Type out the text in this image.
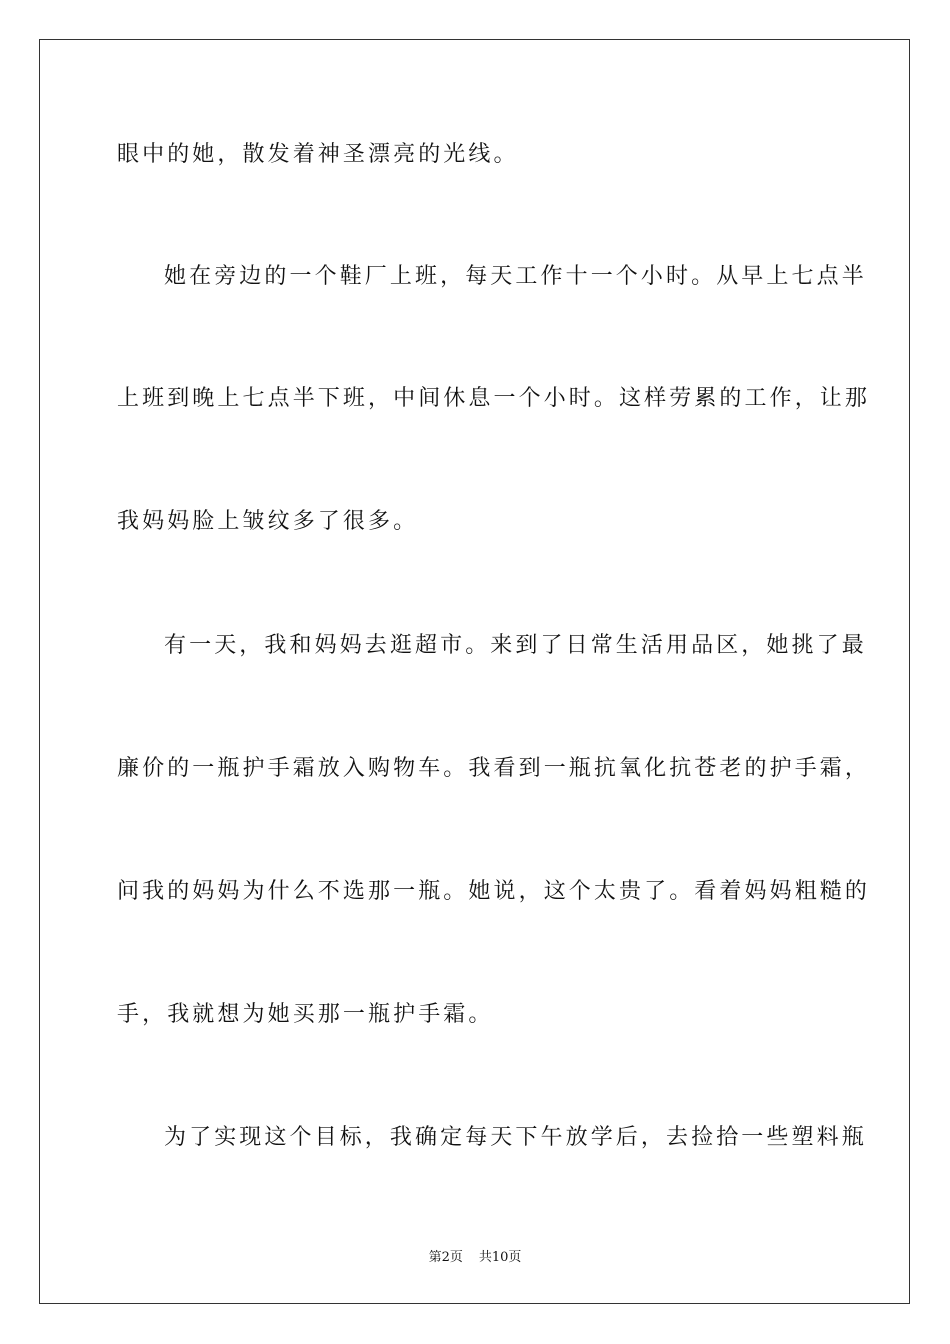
眼中的她，散发着神圣漂亮的光线。
她在旁边的一个鞋厂上班，每天工作十一个小时。从早上七点半
上班到晚上七点半下班，中间休息一个小时。这样劳累的工作，让那
我妈妈脸上皱纹多了很多。
有一天，我和妈妈去逛超市。来到了日常生活用品区，她挑了最
廉价的一瓶护手霜放入购物车。我看到一瓶抗氧化抗苍老的护手霜，
问我的妈妈为什么不选那一瓶。她说，这个太贵了。看着妈妈粗糙的
手，我就想为她买那一瓶护手霜。
为了实现这个目标，我确定每天下午放学后，去捡拾一些塑料瓶
第2页 共10页
